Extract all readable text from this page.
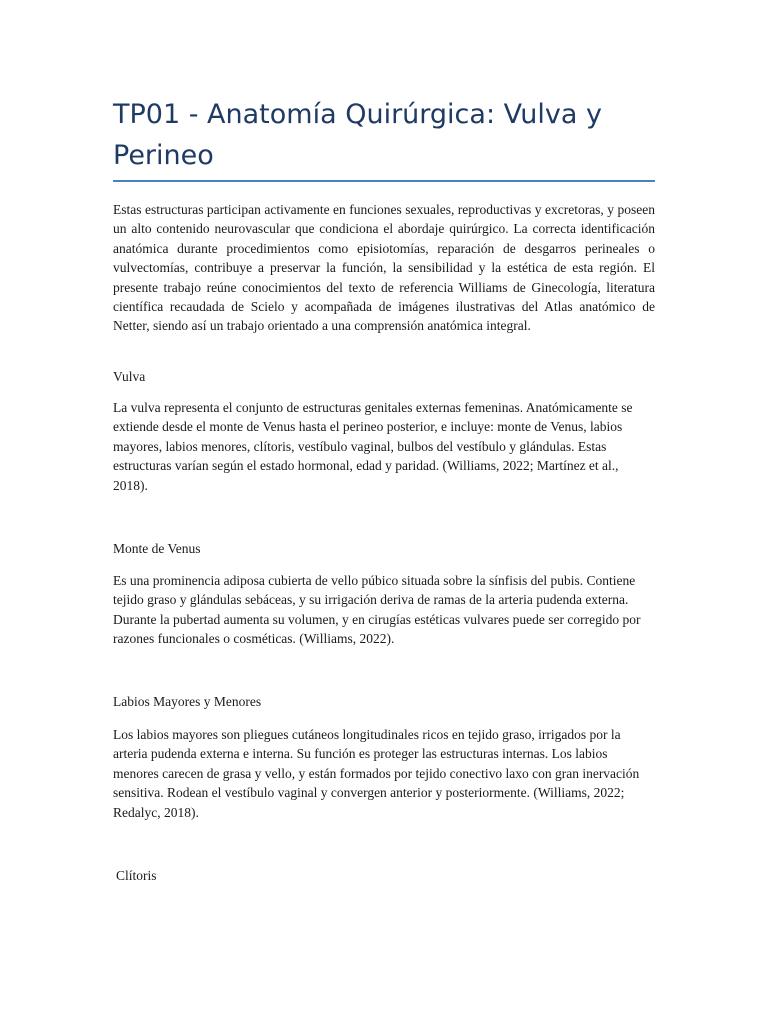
TP01 - Anatomía Quirúrgica: Vulva y Perineo

Estas estructuras participan activamente en funciones sexuales, reproductivas y excretoras, y poseen un alto contenido neurovascular que condiciona el abordaje quirúrgico. La correcta identificación anatómica durante procedimientos como episiotomías, reparación de desgarros perineales o vulvectomías, contribuye a preservar la función, la sensibilidad y la estética de esta región. El presente trabajo reúne conocimientos del texto de referencia Williams de Ginecología, literatura científica recaudada de Scielo y acompañada de imágenes ilustrativas del Atlas anatómico de Netter, siendo así un trabajo orientado a una comprensión anatómica integral.

Vulva

La vulva representa el conjunto de estructuras genitales externas femeninas. Anatómicamente se extiende desde el monte de Venus hasta el perineo posterior, e incluye: monte de Venus, labios mayores, labios menores, clítoris, vestíbulo vaginal, bulbos del vestíbulo y glándulas. Estas estructuras varían según el estado hormonal, edad y paridad. (Williams, 2022; Martínez et al., 2018).

Monte de Venus

Es una prominencia adiposa cubierta de vello púbico situada sobre la sínfisis del pubis. Contiene tejido graso y glándulas sebáceas, y su irrigación deriva de ramas de la arteria pudenda externa. Durante la pubertad aumenta su volumen, y en cirugías estéticas vulvares puede ser corregido por razones funcionales o cosméticas. (Williams, 2022).

Labios Mayores y Menores

Los labios mayores son pliegues cutáneos longitudinales ricos en tejido graso, irrigados por la arteria pudenda externa e interna. Su función es proteger las estructuras internas. Los labios menores carecen de grasa y vello, y están formados por tejido conectivo laxo con gran inervación sensitiva. Rodean el vestíbulo vaginal y convergen anterior y posteriormente. (Williams, 2022; Redalyc, 2018).

Clítoris
